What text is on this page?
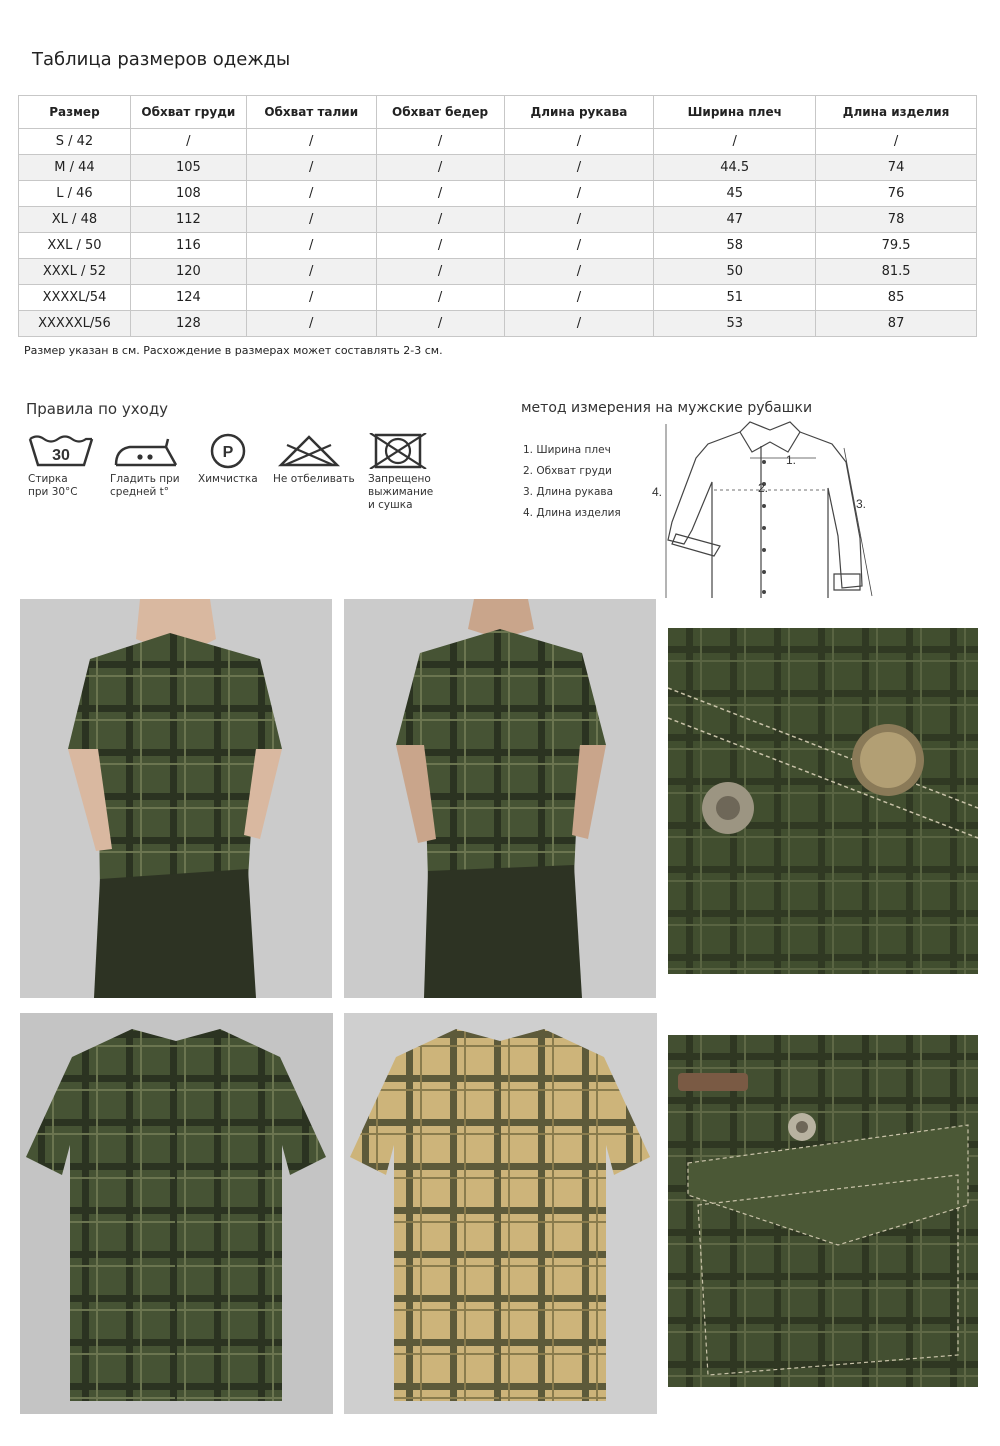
Таблица размеров одежды
Размер	Обхват груди	Обхват талии	Обхват бедер	Длина рукава	Ширина плеч	Длина изделия
S / 42	/	/	/	/	/	/
M / 44	105	/	/	/	44.5	74
L / 46	108	/	/	/	45	76
XL / 48	112	/	/	/	47	78
XXL / 50	116	/	/	/	58	79.5
XXXL / 52	120	/	/	/	50	81.5
XXXXL/54	124	/	/	/	51	85
XXXXXL/56	128	/	/	/	53	87
Размер указан в см. Расхождение в размерах может составлять 2-3 см.
Правила по уходу
30
Стирка
при 30°C
Гладить при
средней t°
P
Химчистка	Не отбеливать Запрещено
выжимание
и сушка
метод измерения на мужские рубашки
1. Ширина плеч
2. Обхват груди
3. Длина рукава
4. Длина изделия
1.
2.
3.
4.
